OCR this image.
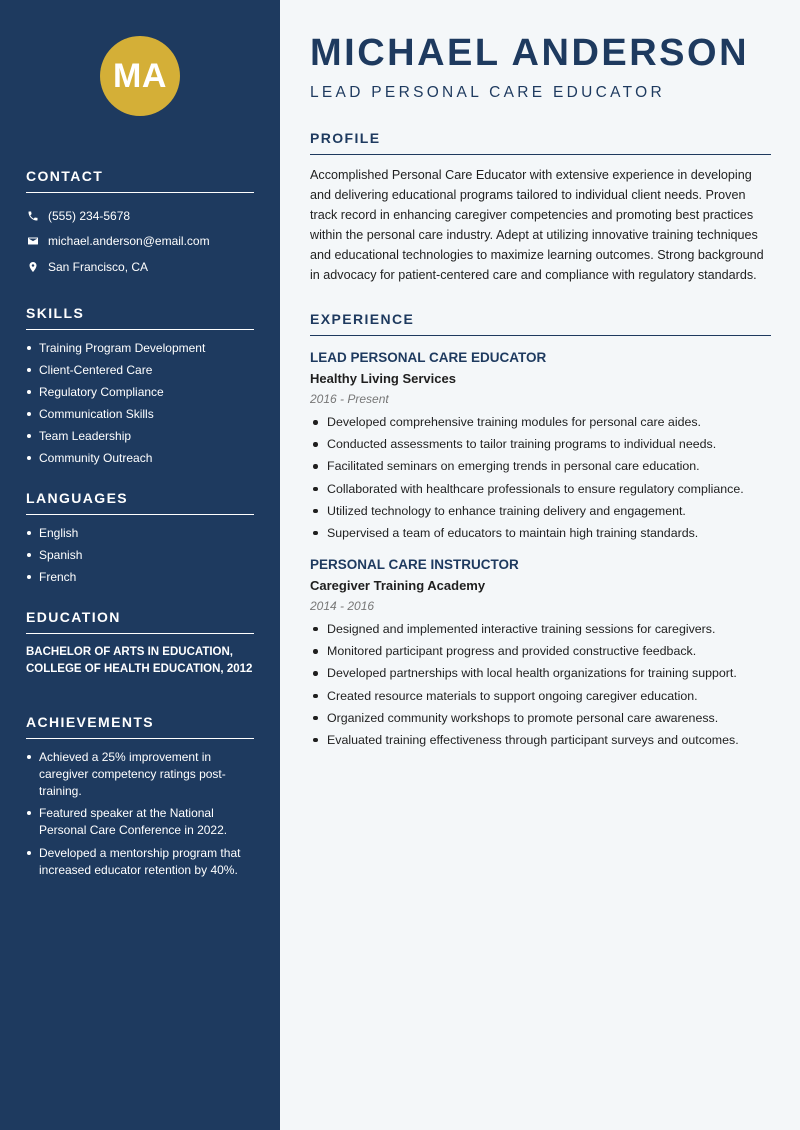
MA
CONTACT
(555) 234-5678
michael.anderson@email.com
San Francisco, CA
SKILLS
Training Program Development
Client-Centered Care
Regulatory Compliance
Communication Skills
Team Leadership
Community Outreach
LANGUAGES
English
Spanish
French
EDUCATION
BACHELOR OF ARTS IN EDUCATION,
COLLEGE OF HEALTH EDUCATION, 2012
ACHIEVEMENTS
Achieved a 25% improvement in caregiver competency ratings post-training.
Featured speaker at the National Personal Care Conference in 2022.
Developed a mentorship program that increased educator retention by 40%.
MICHAEL ANDERSON
LEAD PERSONAL CARE EDUCATOR
PROFILE

Accomplished Personal Care Educator with extensive experience in developing and delivering educational programs tailored to individual client needs. Proven track record in enhancing caregiver competencies and promoting best practices within the personal care industry. Adept at utilizing innovative training techniques and educational technologies to maximize learning outcomes. Strong background in advocacy for patient-centered care and compliance with regulatory standards.

EXPERIENCE
LEAD PERSONAL CARE EDUCATOR
Healthy Living Services
2016 - Present
Developed comprehensive training modules for personal care aides.
Conducted assessments to tailor training programs to individual needs.
Facilitated seminars on emerging trends in personal care education.
Collaborated with healthcare professionals to ensure regulatory compliance.
Utilized technology to enhance training delivery and engagement.
Supervised a team of educators to maintain high training standards.
PERSONAL CARE INSTRUCTOR
Caregiver Training Academy
2014 - 2016
Designed and implemented interactive training sessions for caregivers.
Monitored participant progress and provided constructive feedback.
Developed partnerships with local health organizations for training support.
Created resource materials to support ongoing caregiver education.
Organized community workshops to promote personal care awareness.
Evaluated training effectiveness through participant surveys and outcomes.
